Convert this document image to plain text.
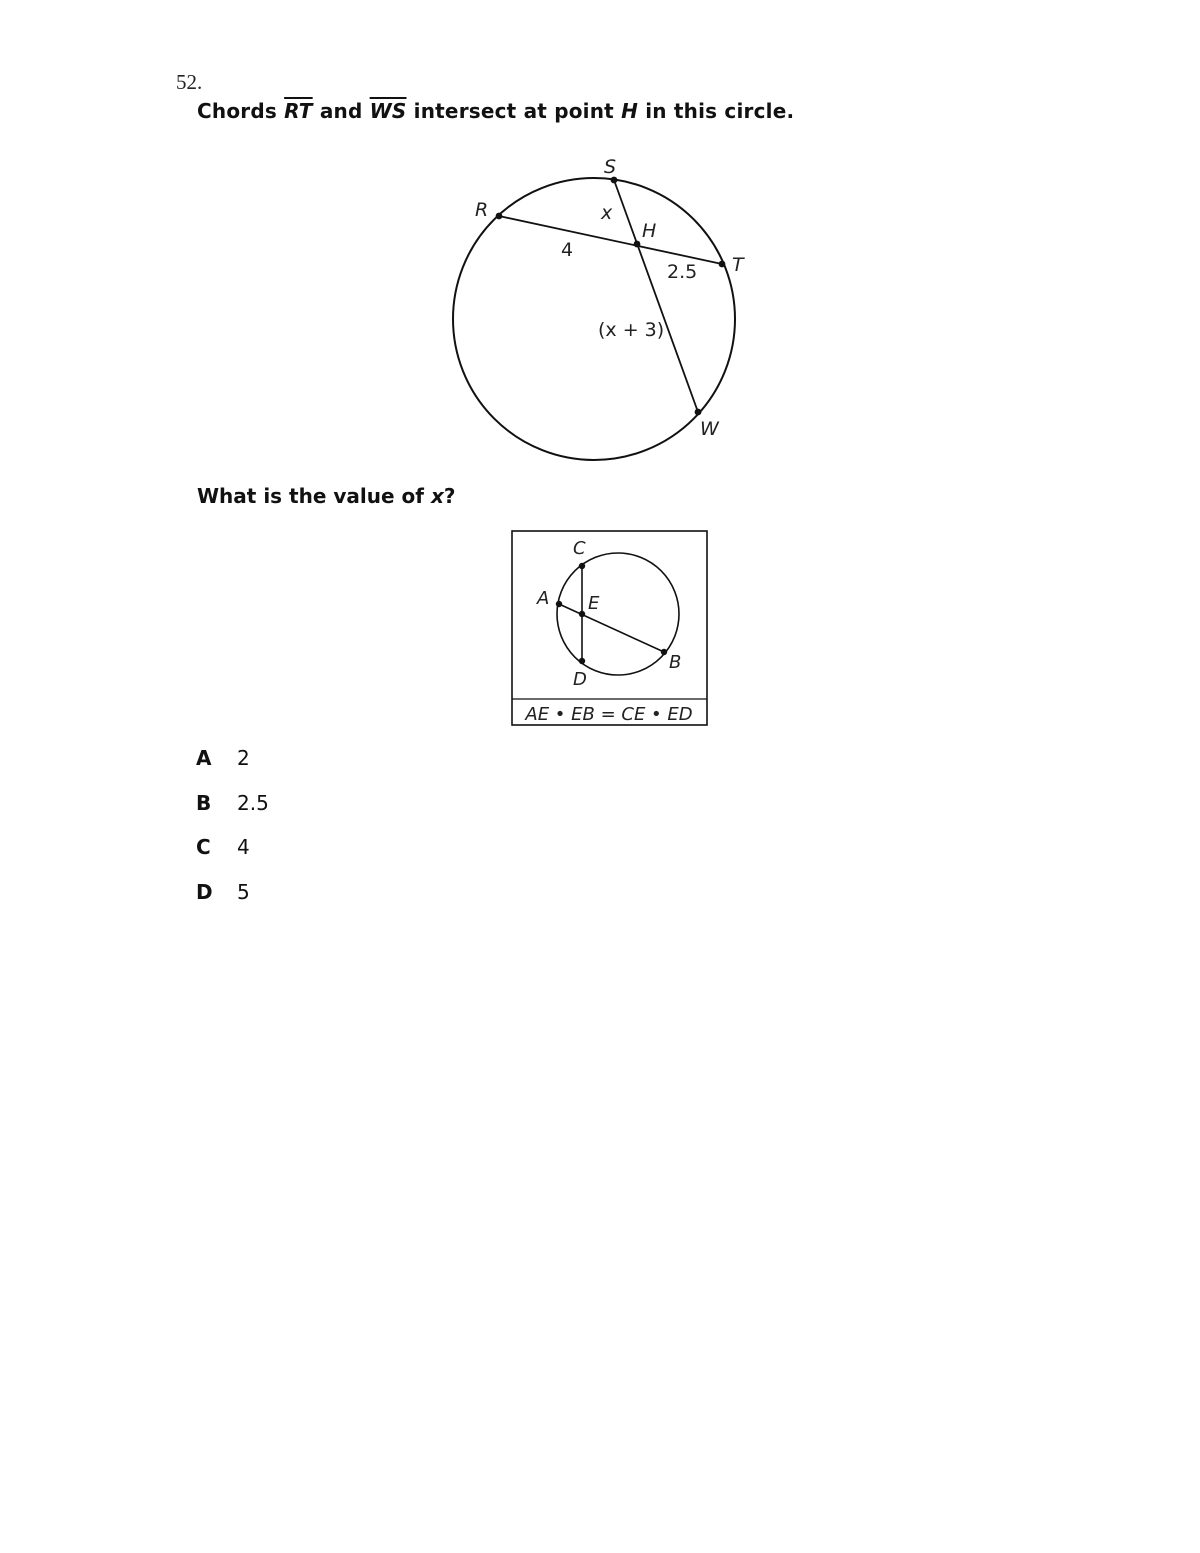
52.
Chords $\overline{RT}$ and $\overline{WS}$ intersect at point H in this circle.
S
R
H
T
W
x
4
2.5
(x + 3)
What is the value of x?
C
A E
B
D
AE • EB = CE • ED
A	2
B	2.5
C	4
D	5
